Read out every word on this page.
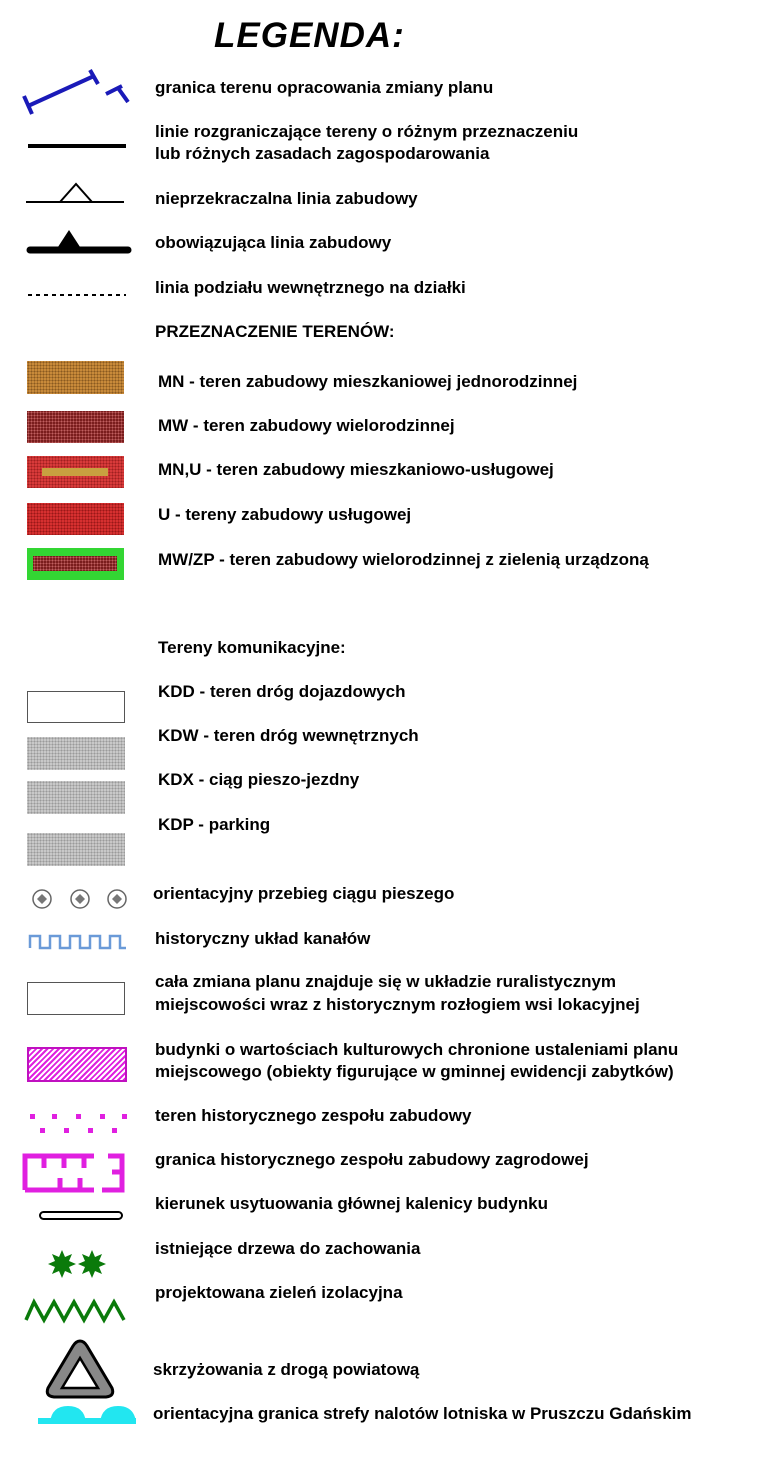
LEGENDA:
granica terenu opracowania zmiany planu
linie rozgraniczające tereny o różnym przeznaczeniu
lub różnych zasadach zagospodarowania
nieprzekraczalna linia zabudowy
obowiązująca linia zabudowy
linia podziału wewnętrznego na działki
PRZEZNACZENIE TERENÓW:
MN - teren zabudowy mieszkaniowej jednorodzinnej
MW - teren zabudowy wielorodzinnej
MN,U - teren zabudowy mieszkaniowo-usługowej
U - tereny zabudowy usługowej
MW/ZP - teren zabudowy wielorodzinnej z zielenią urządzoną
Tereny komunikacyjne:
KDD - teren dróg dojazdowych
KDW - teren dróg wewnętrznych
KDX - ciąg pieszo-jezdny
KDP - parking
orientacyjny przebieg ciągu pieszego
historyczny układ kanałów
cała zmiana planu znajduje się w układzie ruralistycznym
miejscowości wraz z historycznym rozłogiem wsi lokacyjnej
budynki o wartościach kulturowych chronione ustaleniami planu
miejscowego (obiekty figurujące w gminnej ewidencji zabytków)
teren historycznego zespołu zabudowy
granica historycznego zespołu zabudowy zagrodowej
kierunek usytuowania głównej kalenicy budynku
istniejące drzewa do zachowania
projektowana zieleń izolacyjna
skrzyżowania z drogą powiatową
orientacyjna granica strefy nalotów lotniska w Pruszczu Gdańskim
